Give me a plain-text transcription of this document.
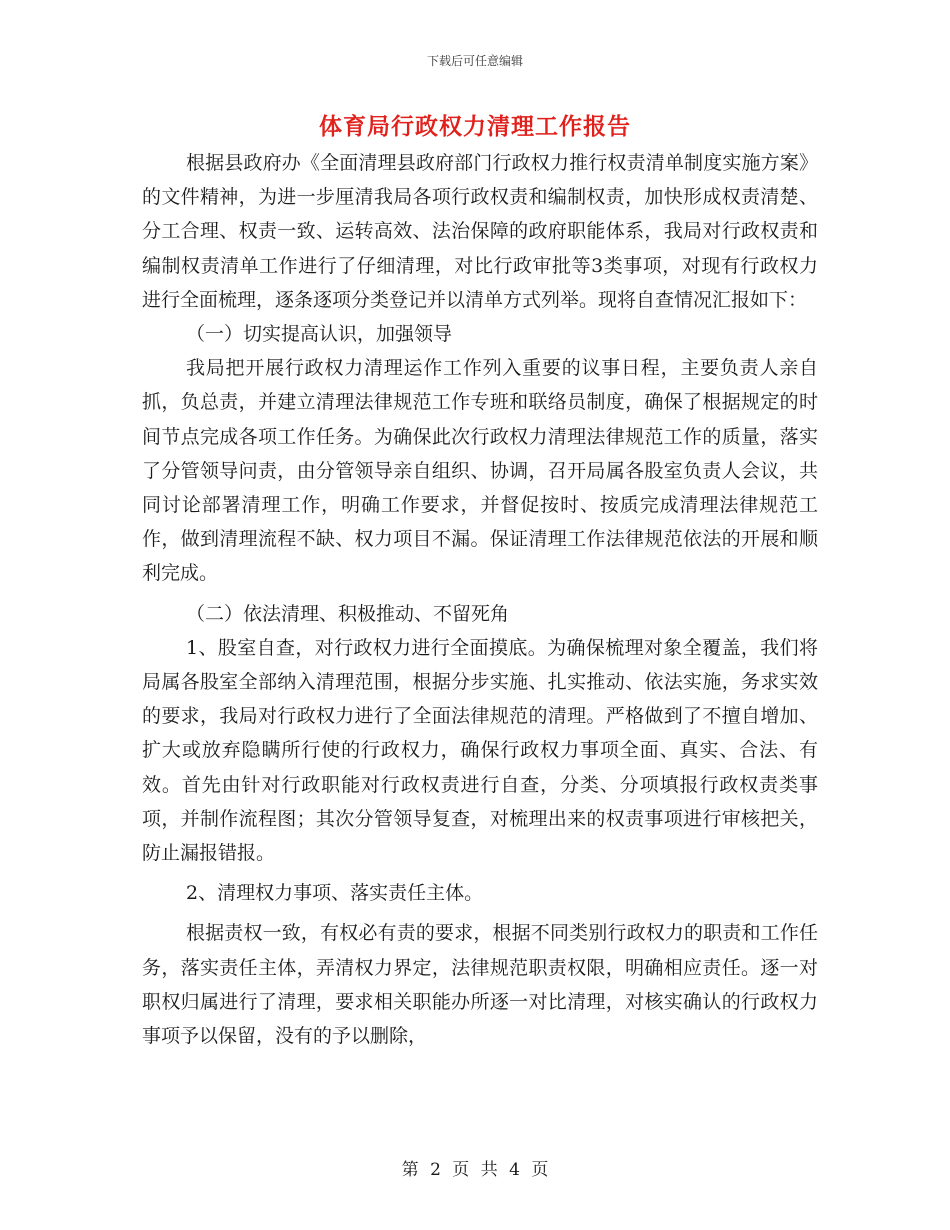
下载后可任意编辑
体育局行政权力清理工作报告

根据县政府办《全面清理县政府部门行政权力推行权责清单制度实施方案》的文件精神，为进一步厘清我局各项行政权责和编制权责，加快形成权责清楚、分工合理、权责一致、运转高效、法治保障的政府职能体系，我局对行政权责和编制权责清单工作进行了仔细清理，对比行政审批等3类事项，对现有行政权力进行全面梳理，逐条逐项分类登记并以清单方式列举。现将自查情况汇报如下：

（一）切实提高认识，加强领导

我局把开展行政权力清理运作工作列入重要的议事日程，主要负责人亲自抓，负总责，并建立清理法律规范工作专班和联络员制度，确保了根据规定的时间节点完成各项工作任务。为确保此次行政权力清理法律规范工作的质量，落实了分管领导问责，由分管领导亲自组织、协调，召开局属各股室负责人会议，共同讨论部署清理工作，明确工作要求，并督促按时、按质完成清理法律规范工作，做到清理流程不缺、权力项目不漏。保证清理工作法律规范依法的开展和顺利完成。

（二）依法清理、积极推动、不留死角

1、股室自查，对行政权力进行全面摸底。为确保梳理对象全覆盖，我们将局属各股室全部纳入清理范围，根据分步实施、扎实推动、依法实施，务求实效的要求，我局对行政权力进行了全面法律规范的清理。严格做到了不擅自增加、扩大或放弃隐瞒所行使的行政权力，确保行政权力事项全面、真实、合法、有效。首先由针对行政职能对行政权责进行自查，分类、分项填报行政权责类事项，并制作流程图；其次分管领导复查，对梳理出来的权责事项进行审核把关，防止漏报错报。

2、清理权力事项、落实责任主体。

根据责权一致，有权必有责的要求，根据不同类别行政权力的职责和工作任务，落实责任主体，弄清权力界定，法律规范职责权限，明确相应责任。逐一对职权归属进行了清理，要求相关职能办所逐一对比清理，对核实确认的行政权力事项予以保留，没有的予以删除，

第 2 页 共 4 页
